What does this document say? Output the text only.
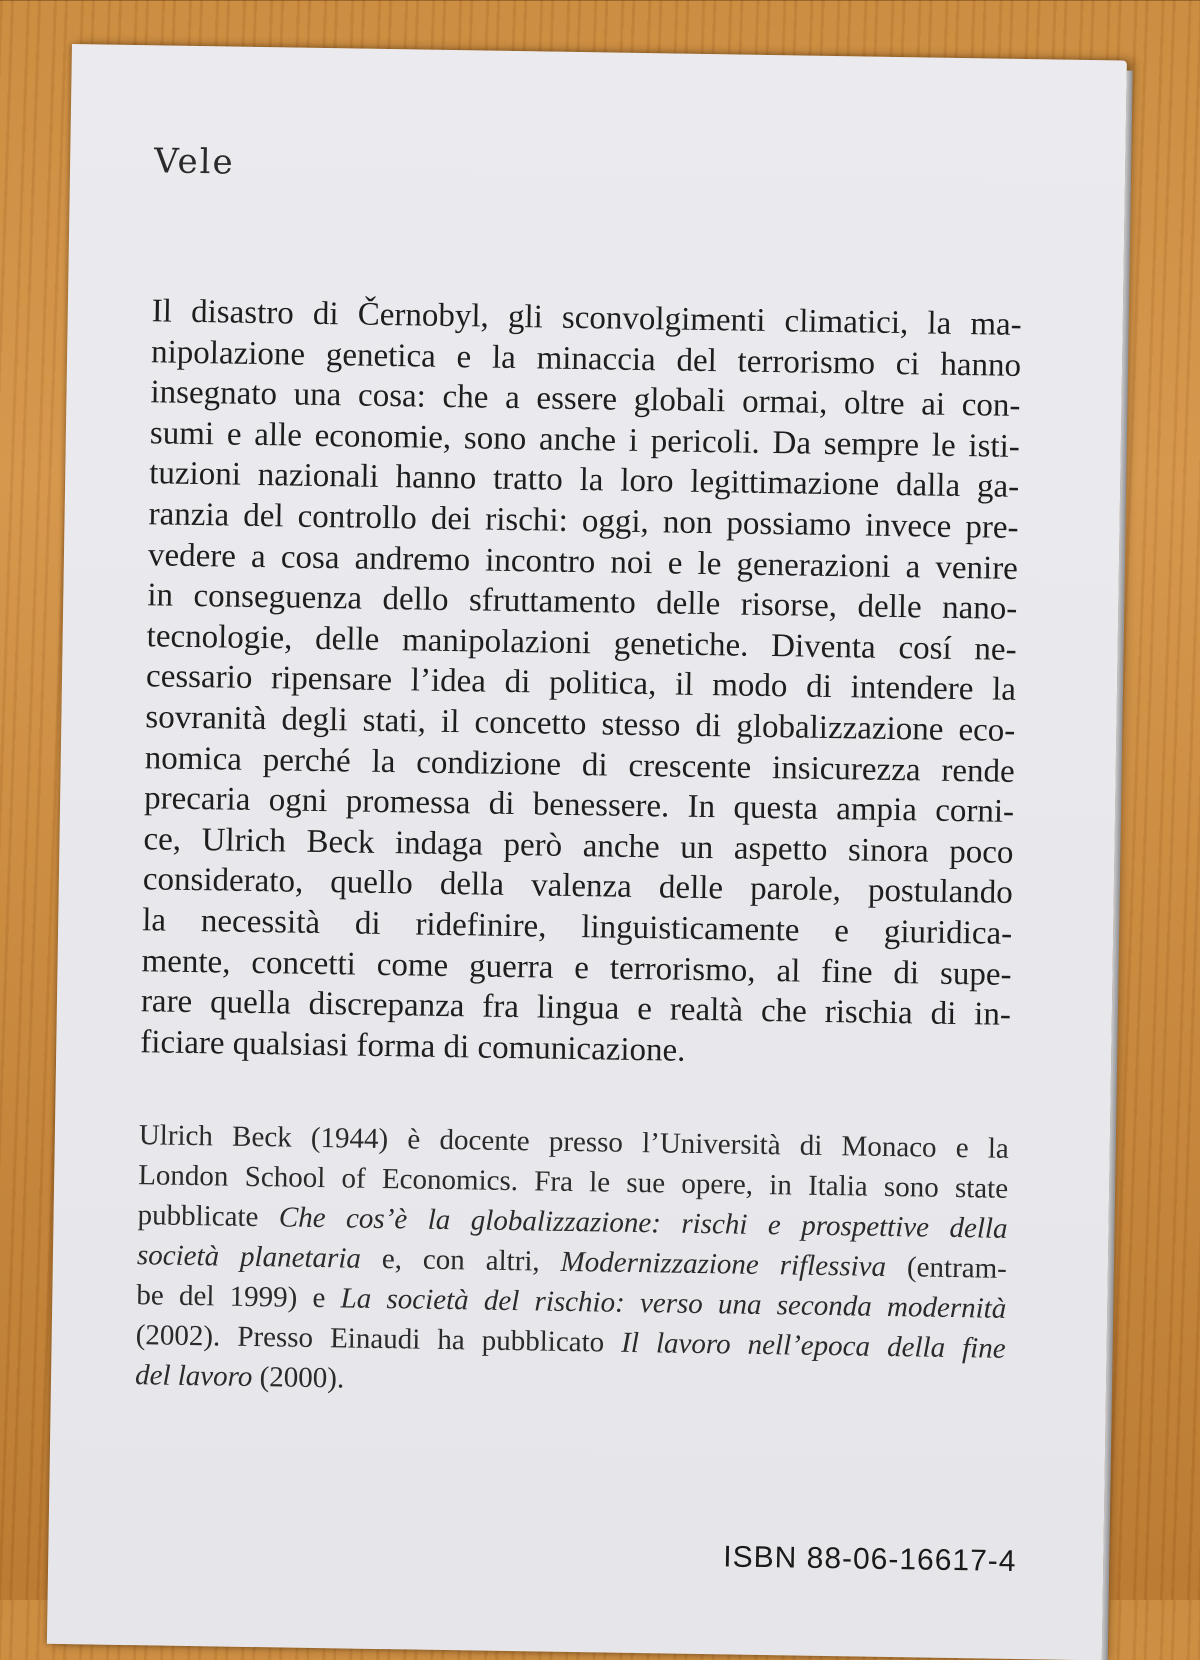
Vele
Il disastro di Černobyl, gli sconvolgimenti climatici, la ma-
nipolazione genetica e la minaccia del terrorismo ci hanno
insegnato una cosa: che a essere globali ormai, oltre ai con-
sumi e alle economie, sono anche i pericoli. Da sempre le isti-
tuzioni nazionali hanno tratto la loro legittimazione dalla ga-
ranzia del controllo dei rischi: oggi, non possiamo invece pre-
vedere a cosa andremo incontro noi e le generazioni a venire
in conseguenza dello sfruttamento delle risorse, delle nano-
tecnologie, delle manipolazioni genetiche. Diventa cosí ne-
cessario ripensare l’idea di politica, il modo di intendere la
sovranità degli stati, il concetto stesso di globalizzazione eco-
nomica perché la condizione di crescente insicurezza rende
precaria ogni promessa di benessere. In questa ampia corni-
ce, Ulrich Beck indaga però anche un aspetto sinora poco
considerato, quello della valenza delle parole, postulando
la necessità di ridefinire, linguisticamente e giuridica-
mente, concetti come guerra e terrorismo, al fine di supe-
rare quella discrepanza fra lingua e realtà che rischia di in-
ficiare qualsiasi forma di comunicazione.
Ulrich Beck (1944) è docente presso l’Università di Monaco e la
London School of Economics. Fra le sue opere, in Italia sono state
pubblicate Che cos’è la globalizzazione: rischi e prospettive della
società planetaria e, con altri, Modernizzazione riflessiva (entram-
be del 1999) e La società del rischio: verso una seconda modernità
(2002). Presso Einaudi ha pubblicato Il lavoro nell’epoca della fine
del lavoro (2000).
ISBN 88-06-16617-4
